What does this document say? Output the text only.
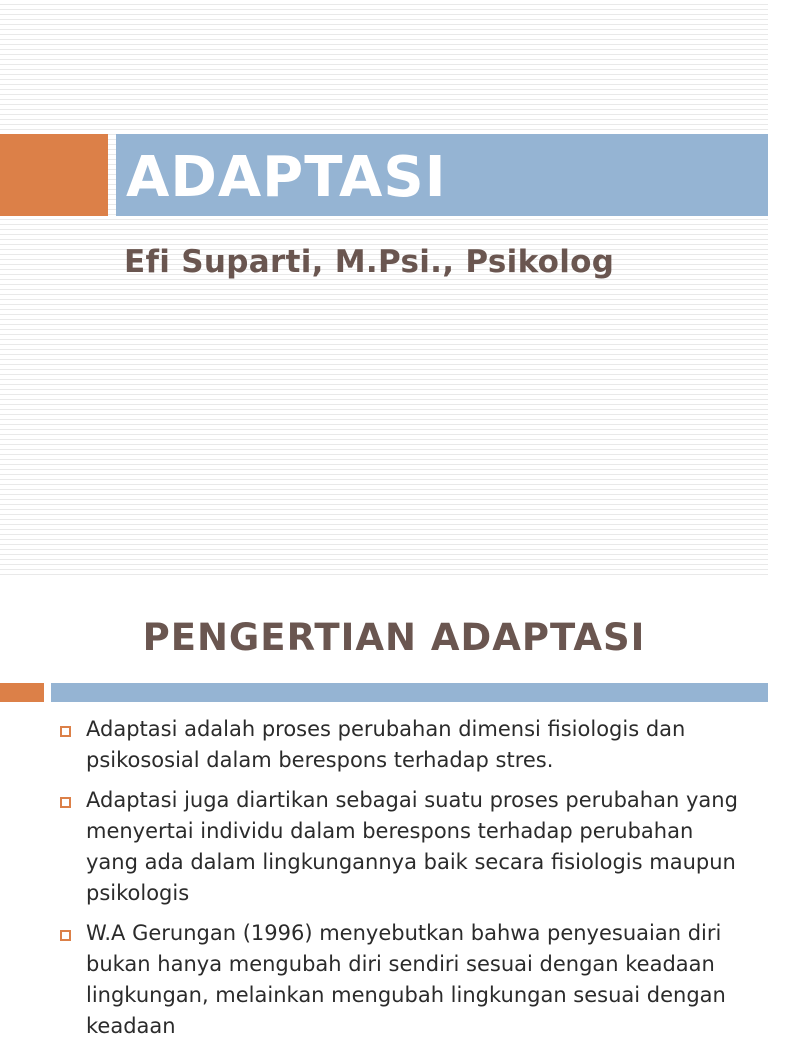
ADAPTASI
Efi Suparti, M.Psi., Psikolog
PENGERTIAN ADAPTASI
Adaptasi adalah proses perubahan dimensi fisiologis dan psikososial dalam berespons terhadap stres.
Adaptasi juga diartikan sebagai suatu proses perubahan yang menyertai individu dalam berespons terhadap perubahan yang ada dalam lingkungannya baik secara fisiologis maupun psikologis
W.A Gerungan (1996) menyebutkan bahwa penyesuaian diri bukan hanya mengubah diri sendiri sesuai dengan keadaan lingkungan, melainkan mengubah lingkungan sesuai dengan keadaan
